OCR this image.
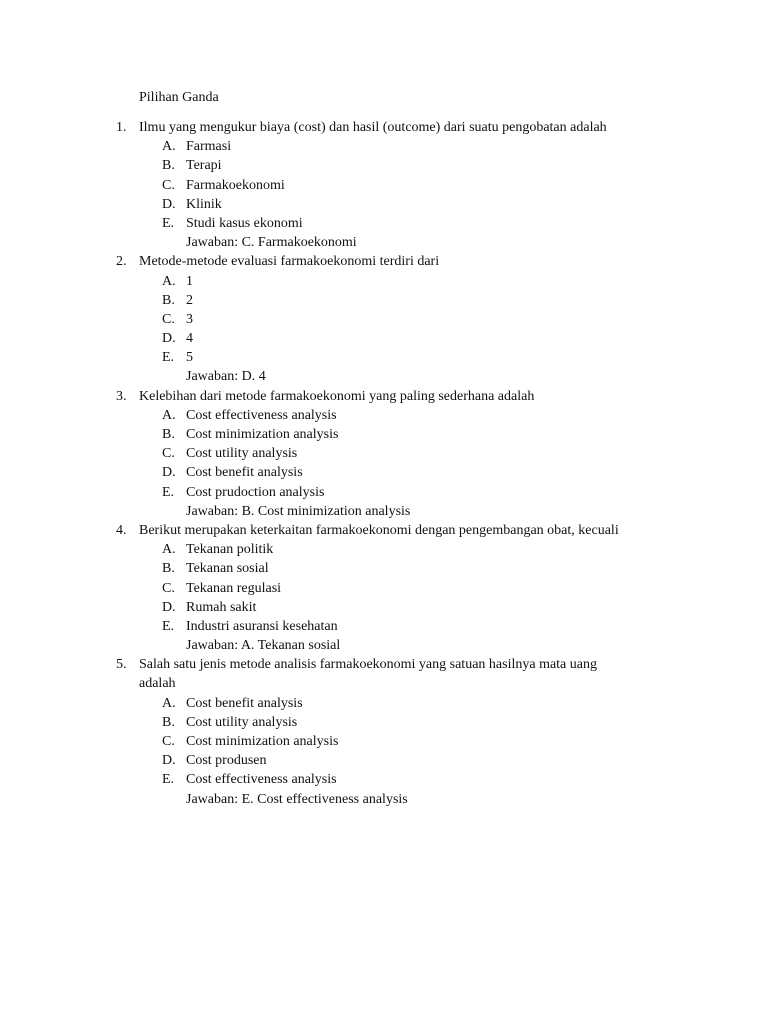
Pilihan Ganda
1. Ilmu yang mengukur biaya (cost) dan hasil (outcome) dari suatu pengobatan adalah
A. Farmasi
B. Terapi
C. Farmakoekonomi
D. Klinik
E. Studi kasus ekonomi
Jawaban: C. Farmakoekonomi
2. Metode-metode evaluasi farmakoekonomi terdiri dari
A. 1
B. 2
C. 3
D. 4
E. 5
Jawaban: D. 4
3. Kelebihan dari metode farmakoekonomi yang paling sederhana adalah
A. Cost effectiveness analysis
B. Cost minimization analysis
C. Cost utility analysis
D. Cost benefit analysis
E. Cost prudoction analysis
Jawaban: B. Cost minimization analysis
4. Berikut merupakan keterkaitan farmakoekonomi dengan pengembangan obat, kecuali
A. Tekanan politik
B. Tekanan sosial
C. Tekanan regulasi
D. Rumah sakit
E. Industri asuransi kesehatan
Jawaban: A. Tekanan sosial
5. Salah satu jenis metode analisis farmakoekonomi yang satuan hasilnya mata uang
adalah
A. Cost benefit analysis
B. Cost utility analysis
C. Cost minimization analysis
D. Cost produsen
E. Cost effectiveness analysis
Jawaban: E. Cost effectiveness analysis
